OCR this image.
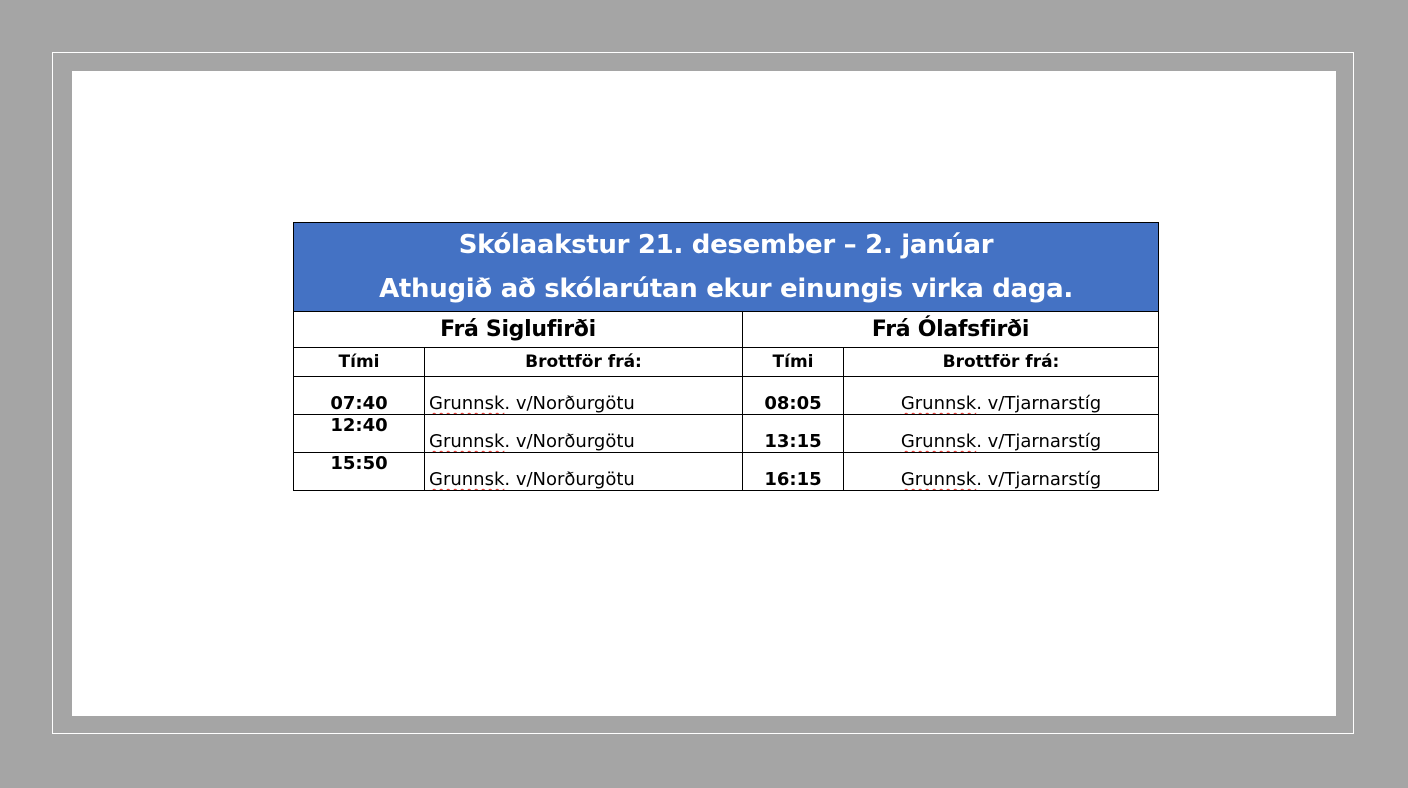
Skólaakstur 21. desember – 2. janúar
Athugið að skólarútan ekur einungis virka daga.			

Frá Siglufirði		Frá Ólafsfirði	
Tími	Brottför frá:	Tími	Brottför frá:
07:40	Grunnsk. v/Norðurgötu	08:05	Grunnsk. v/Tjarnarstíg
12:40	Grunnsk. v/Norðurgötu	13:15	Grunnsk. v/Tjarnarstíg
15:50	Grunnsk. v/Norðurgötu	16:15	Grunnsk. v/Tjarnarstíg
